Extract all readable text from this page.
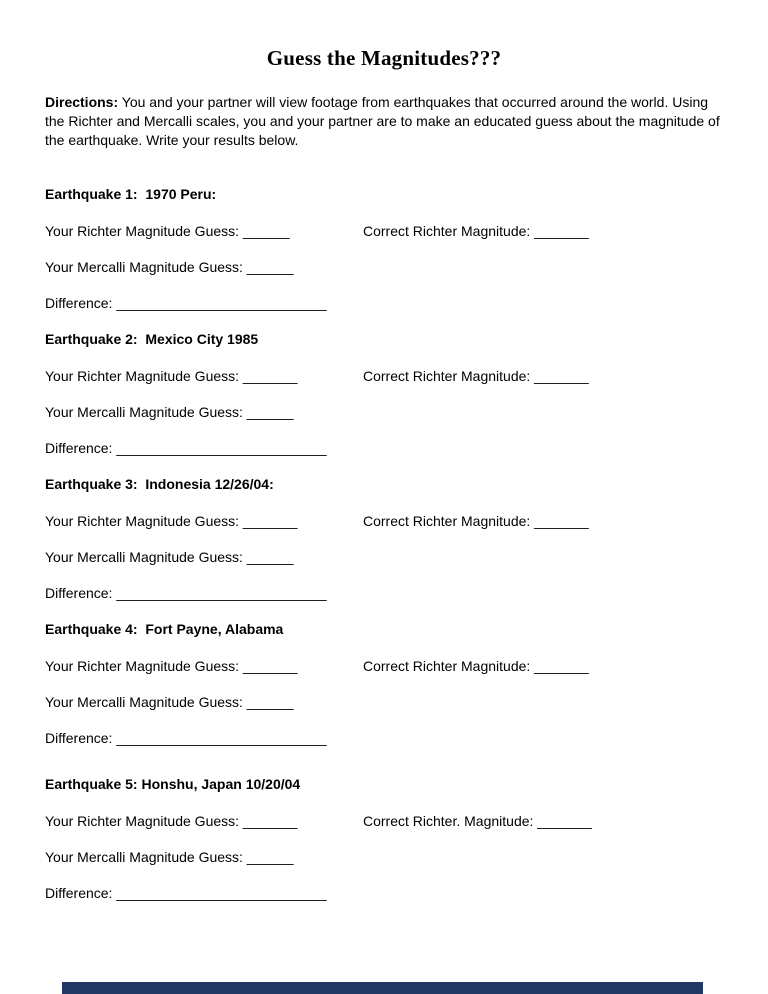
Guess the Magnitudes???

Directions: You and your partner will view footage from earthquakes that occurred around the world. Using the Richter and Mercalli scales, you and your partner are to make an educated guess about the magnitude of the earthquake. Write your results below.

Earthquake 1:  1970 Peru:
Your Richter Magnitude Guess: ______	Correct Richter Magnitude: _______
Your Mercalli Magnitude Guess: ______
Difference: ___________________________
Earthquake 2:  Mexico City 1985
Your Richter Magnitude Guess: _______	Correct Richter Magnitude: _______
Your Mercalli Magnitude Guess: ______
Difference: ___________________________
Earthquake 3:  Indonesia 12/26/04:
Your Richter Magnitude Guess: _______	Correct Richter Magnitude: _______
Your Mercalli Magnitude Guess: ______
Difference: ___________________________
Earthquake 4:  Fort Payne, Alabama
Your Richter Magnitude Guess: _______	Correct Richter Magnitude: _______
Your Mercalli Magnitude Guess: ______
Difference: ___________________________
Earthquake 5: Honshu, Japan 10/20/04
Your Richter Magnitude Guess: _______	Correct Richter. Magnitude: _______
Your Mercalli Magnitude Guess: ______
Difference: ___________________________
